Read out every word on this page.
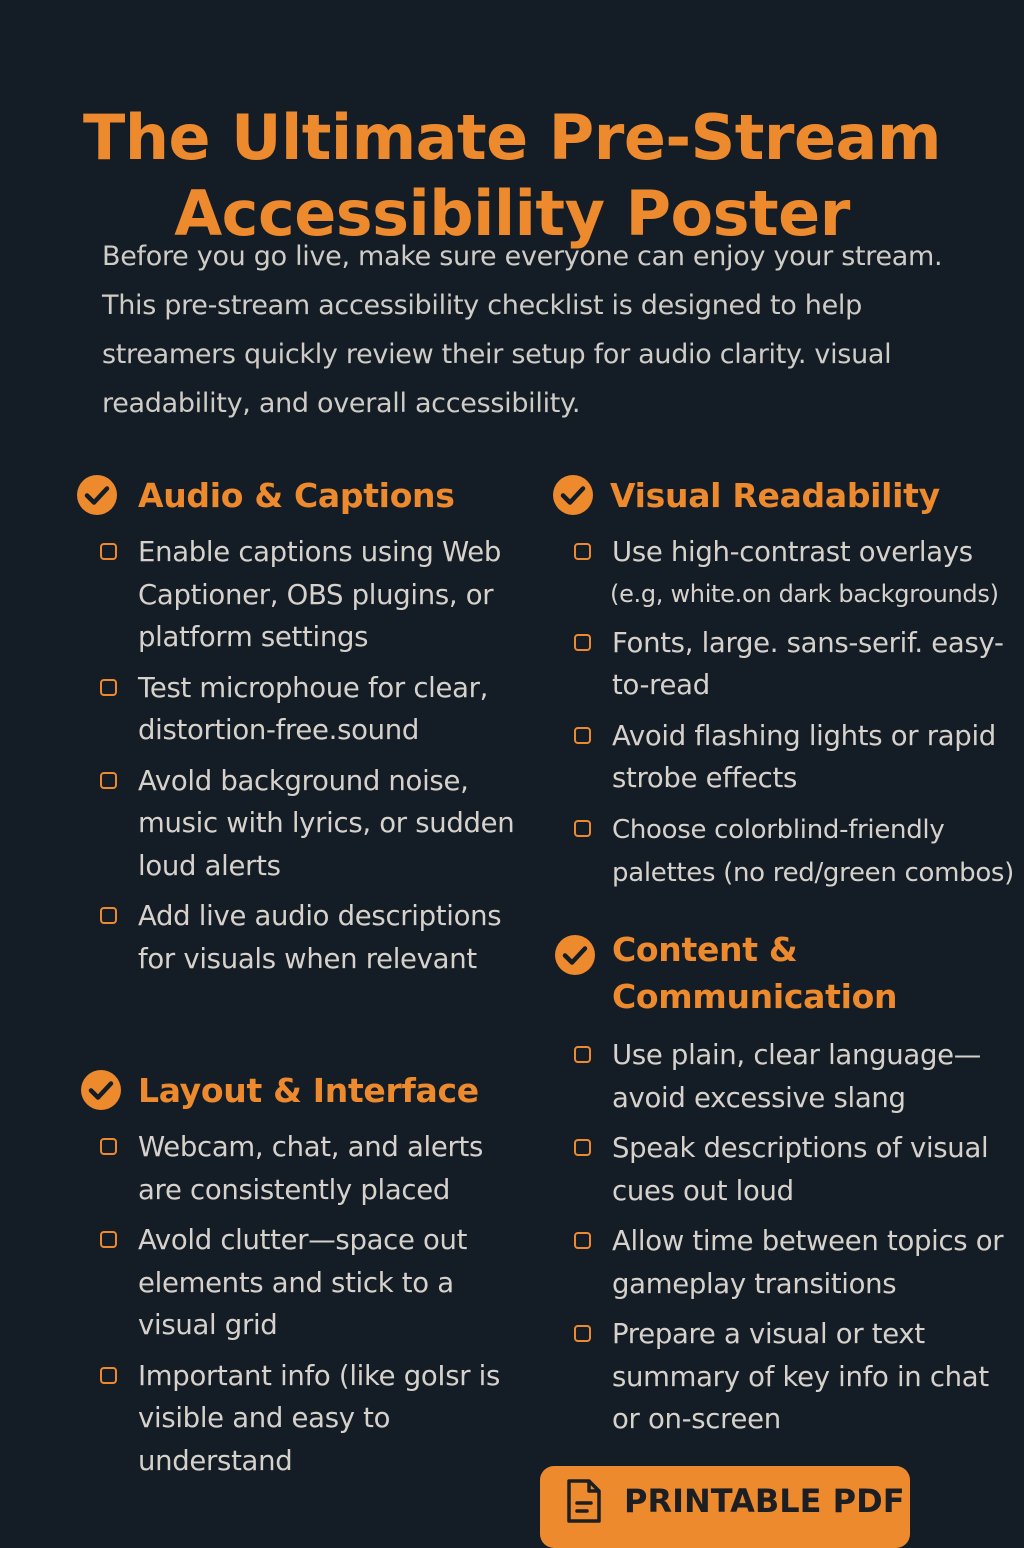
The Ultimate Pre-Stream
Accessibility Poster

Before you go live, make sure everyone can enjoy your stream. This pre-stream accessibility checklist is designed to help streamers quickly review their setup for audio clarity. visual readability, and overall accessibility.

Audio & Captions
Enable captions using Web Captioner, OBS plugins, or platform settings
Test microphoue for clear, distortion-free.sound
Avold background noise, music with lyrics, or sudden loud alerts
Add live audio descriptions for visuals when relevant
Layout & Interface
Webcam, chat, and alerts are consistently placed
Avold clutter—space out elements and stick to a visual grid
Important info (like goIsr is visible and easy to understand
Visual Readability
Use high-contrast overlays
(e.g, white.on dark backgrounds)
Fonts, large. sans-serif. easy-to-read
Avoid flashing lights or rapid strobe effects
Choose colorblind-friendly palettes (no red/green combos)
Content & Communication
Use plain, clear language—avoid excessive slang
Speak descriptions of visual cues out loud
Allow time between topics or gameplay transitions
Prepare a visual or text summary of key info in chat or on-screen
PRINTABLE PDF
